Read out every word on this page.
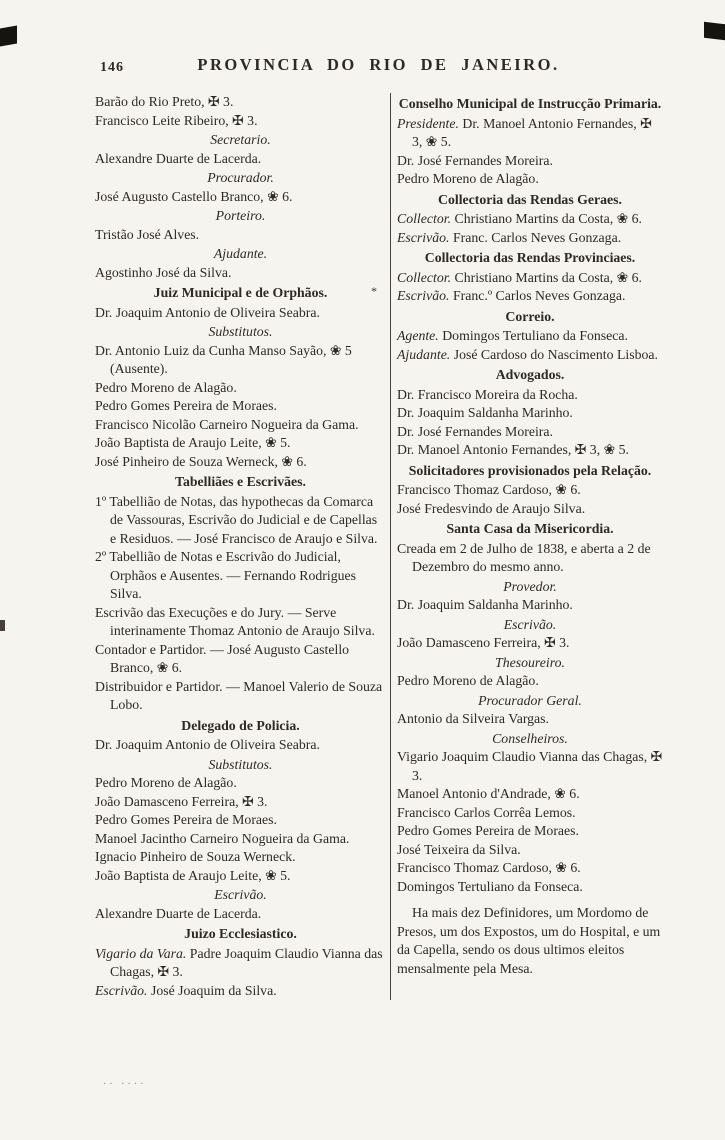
146	PROVINCIA DO RIO DE JANEIRO.
Barão do Rio Preto, ✠ 3.
Francisco Leite Ribeiro, ✠ 3.
Secretario.
Alexandre Duarte de Lacerda.
Procurador.
José Augusto Castello Branco, ❀ 6.
Porteiro.
Tristão José Alves.
Ajudante.
Agostinho José da Silva.
Juiz Municipal e de Orphãos.
Dr. Joaquim Antonio de Oliveira Seabra.
Substitutos.
Dr. Antonio Luiz da Cunha Manso Sayão, ❀ 5 (Ausente).
Pedro Moreno de Alagão.
Pedro Gomes Pereira de Moraes.
Francisco Nicolão Carneiro Nogueira da Gama.
João Baptista de Araujo Leite, ❀ 5.
José Pinheiro de Souza Werneck, ❀ 6.
Tabelliães e Escrivães.
1º Tabellião de Notas, das hypothecas da Comarca de Vassouras, Escrivão do Judicial e de Capellas e Residuos. — José Francisco de Araujo e Silva.
2º Tabellião de Notas e Escrivão do Judicial, Orphãos e Ausentes. — Fernando Rodrigues Silva.
Escrivão das Execuções e do Jury. — Serve interinamente Thomaz Antonio de Araujo Silva.
Contador e Partidor. — José Augusto Castello Branco, ❀ 6.
Distribuidor e Partidor. — Manoel Valerio de Souza Lobo.
Delegado de Policia.
Dr. Joaquim Antonio de Oliveira Seabra.
Substitutos.
Pedro Moreno de Alagão.
João Damasceno Ferreira, ✠ 3.
Pedro Gomes Pereira de Moraes.
Manoel Jacintho Carneiro Nogueira da Gama.
Ignacio Pinheiro de Souza Werneck.
João Baptista de Araujo Leite, ❀ 5.
Escrivão.
Alexandre Duarte de Lacerda.
Juizo Ecclesiastico.
Vigario da Vara. Padre Joaquim Claudio Vianna das Chagas, ✠ 3.
Escrivão. José Joaquim da Silva.
Conselho Municipal de Instrucção Primaria.
Presidente. Dr. Manoel Antonio Fernandes, ✠ 3, ❀ 5.
Dr. José Fernandes Moreira.
Pedro Moreno de Alagão.
Collectoria das Rendas Geraes.
Collector. Christiano Martins da Costa, ❀ 6.
Escrivão. Franc. Carlos Neves Gonzaga.
Collectoria das Rendas Provinciaes.
Collector. Christiano Martins da Costa, ❀ 6.
Escrivão. Franc.º Carlos Neves Gonzaga.
Correio.
Agente. Domingos Tertuliano da Fonseca.
Ajudante. José Cardoso do Nascimento Lisboa.
Advogados.
Dr. Francisco Moreira da Rocha.
Dr. Joaquim Saldanha Marinho.
Dr. José Fernandes Moreira.
Dr. Manoel Antonio Fernandes, ✠ 3, ❀ 5.
Solicitadores provisionados pela Relação.
Francisco Thomaz Cardoso, ❀ 6.
José Fredesvindo de Araujo Silva.
Santa Casa da Misericordia.
Creada em 2 de Julho de 1838, e aberta a 2 de Dezembro do mesmo anno.
Provedor.
Dr. Joaquim Saldanha Marinho.
Escrivão.
João Damasceno Ferreira, ✠ 3.
Thesoureiro.
Pedro Moreno de Alagão.
Procurador Geral.
Antonio da Silveira Vargas.
Conselheiros.
Vigario Joaquim Claudio Vianna das Chagas, ✠ 3.
Manoel Antonio d'Andrade, ❀ 6.
Francisco Carlos Corrêa Lemos.
Pedro Gomes Pereira de Moraes.
José Teixeira da Silva.
Francisco Thomaz Cardoso, ❀ 6.
Domingos Tertuliano da Fonseca.
Ha mais dez Definidores, um Mordomo de Presos, um dos Expostos, um do Hospital, e um da Capella, sendo os dous ultimos eleitos mensalmente pela Mesa.
*
·· ····
